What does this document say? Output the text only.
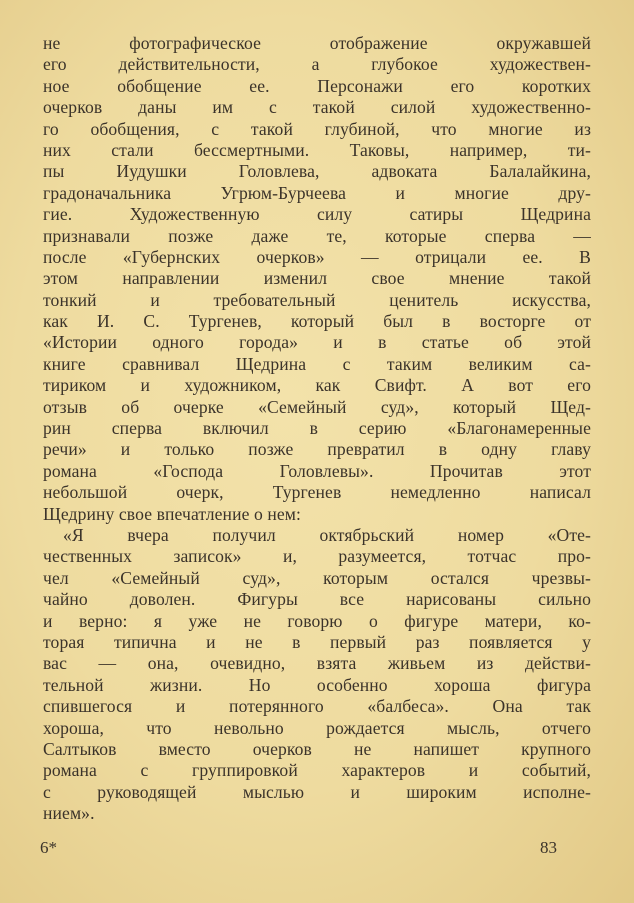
не фотографическое отображение окружавшей
его действительности, а глубокое художествен-
ное обобщение ее. Персонажи его коротких
очерков даны им с такой силой художественно-
го обобщения, с такой глубиной, что многие из
них стали бессмертными. Таковы, например, ти-
пы Иудушки Головлева, адвоката Балалайкина,
градоначальника Угрюм-Бурчеева и многие дру-
гие. Художественную силу сатиры Щедрина
признавали позже даже те, которые сперва —
после «Губернских очерков» — отрицали ее. В
этом направлении изменил свое мнение такой
тонкий и требовательный ценитель искусства,
как И. С. Тургенев, который был в восторге от
«Истории одного города» и в статье об этой
книге сравнивал Щедрина с таким великим са-
тириком и художником, как Свифт. А вот его
отзыв об очерке «Семейный суд», который Щед-
рин сперва включил в серию «Благонамеренные
речи» и только позже превратил в одну главу
романа «Господа Головлевы». Прочитав этот
небольшой очерк, Тургенев немедленно написал
Щедрину свое впечатление о нем:
«Я вчера получил октябрьский номер «Оте-
чественных записок» и, разумеется, тотчас про-
чел «Семейный суд», которым остался чрезвы-
чайно доволен. Фигуры все нарисованы сильно
и верно: я уже не говорю о фигуре матери, ко-
торая типична и не в первый раз появляется у
вас — она, очевидно, взята живьем из действи-
тельной жизни. Но особенно хороша фигура
спившегося и потерянного «балбеса». Она так
хороша, что невольно рождается мысль, отчего
Салтыков вместо очерков не напишет крупного
романа с группировкой характеров и событий,
с руководящей мыслью и широким исполне-
нием».
6*	83
